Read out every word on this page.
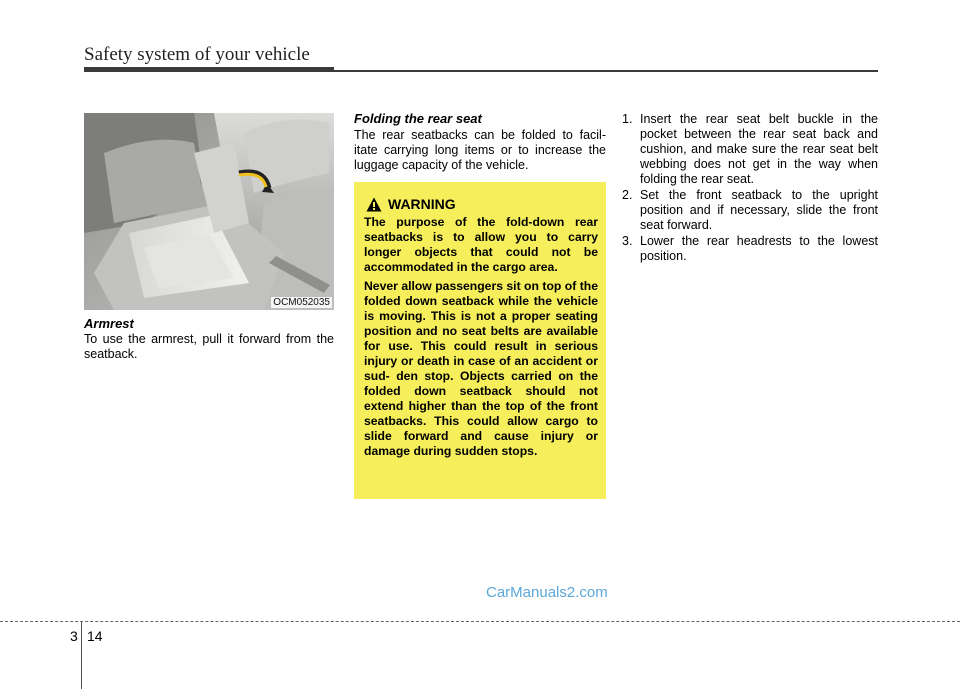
Safety system of your vehicle
OCM052035
Armrest
To use the armrest, pull it forward from the seatback.
Folding the rear seat
The rear seatbacks can be folded to facil- itate carrying long items or to increase the luggage capacity of the vehicle.
WARNING

The purpose of the fold-down rear seatbacks is to allow you to carry longer objects that could not be accommodated in the cargo area.

Never allow passengers sit on top of the folded down seatback while the vehicle is moving. This is not a proper seating position and no seat belts are available for use. This could result in serious injury or death in case of an accident or sud- den stop. Objects carried on the folded down seatback should not extend higher than the top of the front seatbacks. This could allow cargo to slide forward and cause injury or damage during sudden stops.

1. Insert the rear seat belt buckle in the pocket between the rear seat back and cushion, and make sure the rear seat belt webbing does not get in the way when folding the rear seat.
2. Set the front seatback to the upright position and if necessary, slide the front seat forward.
3. Lower the rear headrests to the lowest position.
CarManuals2.com
3 14
